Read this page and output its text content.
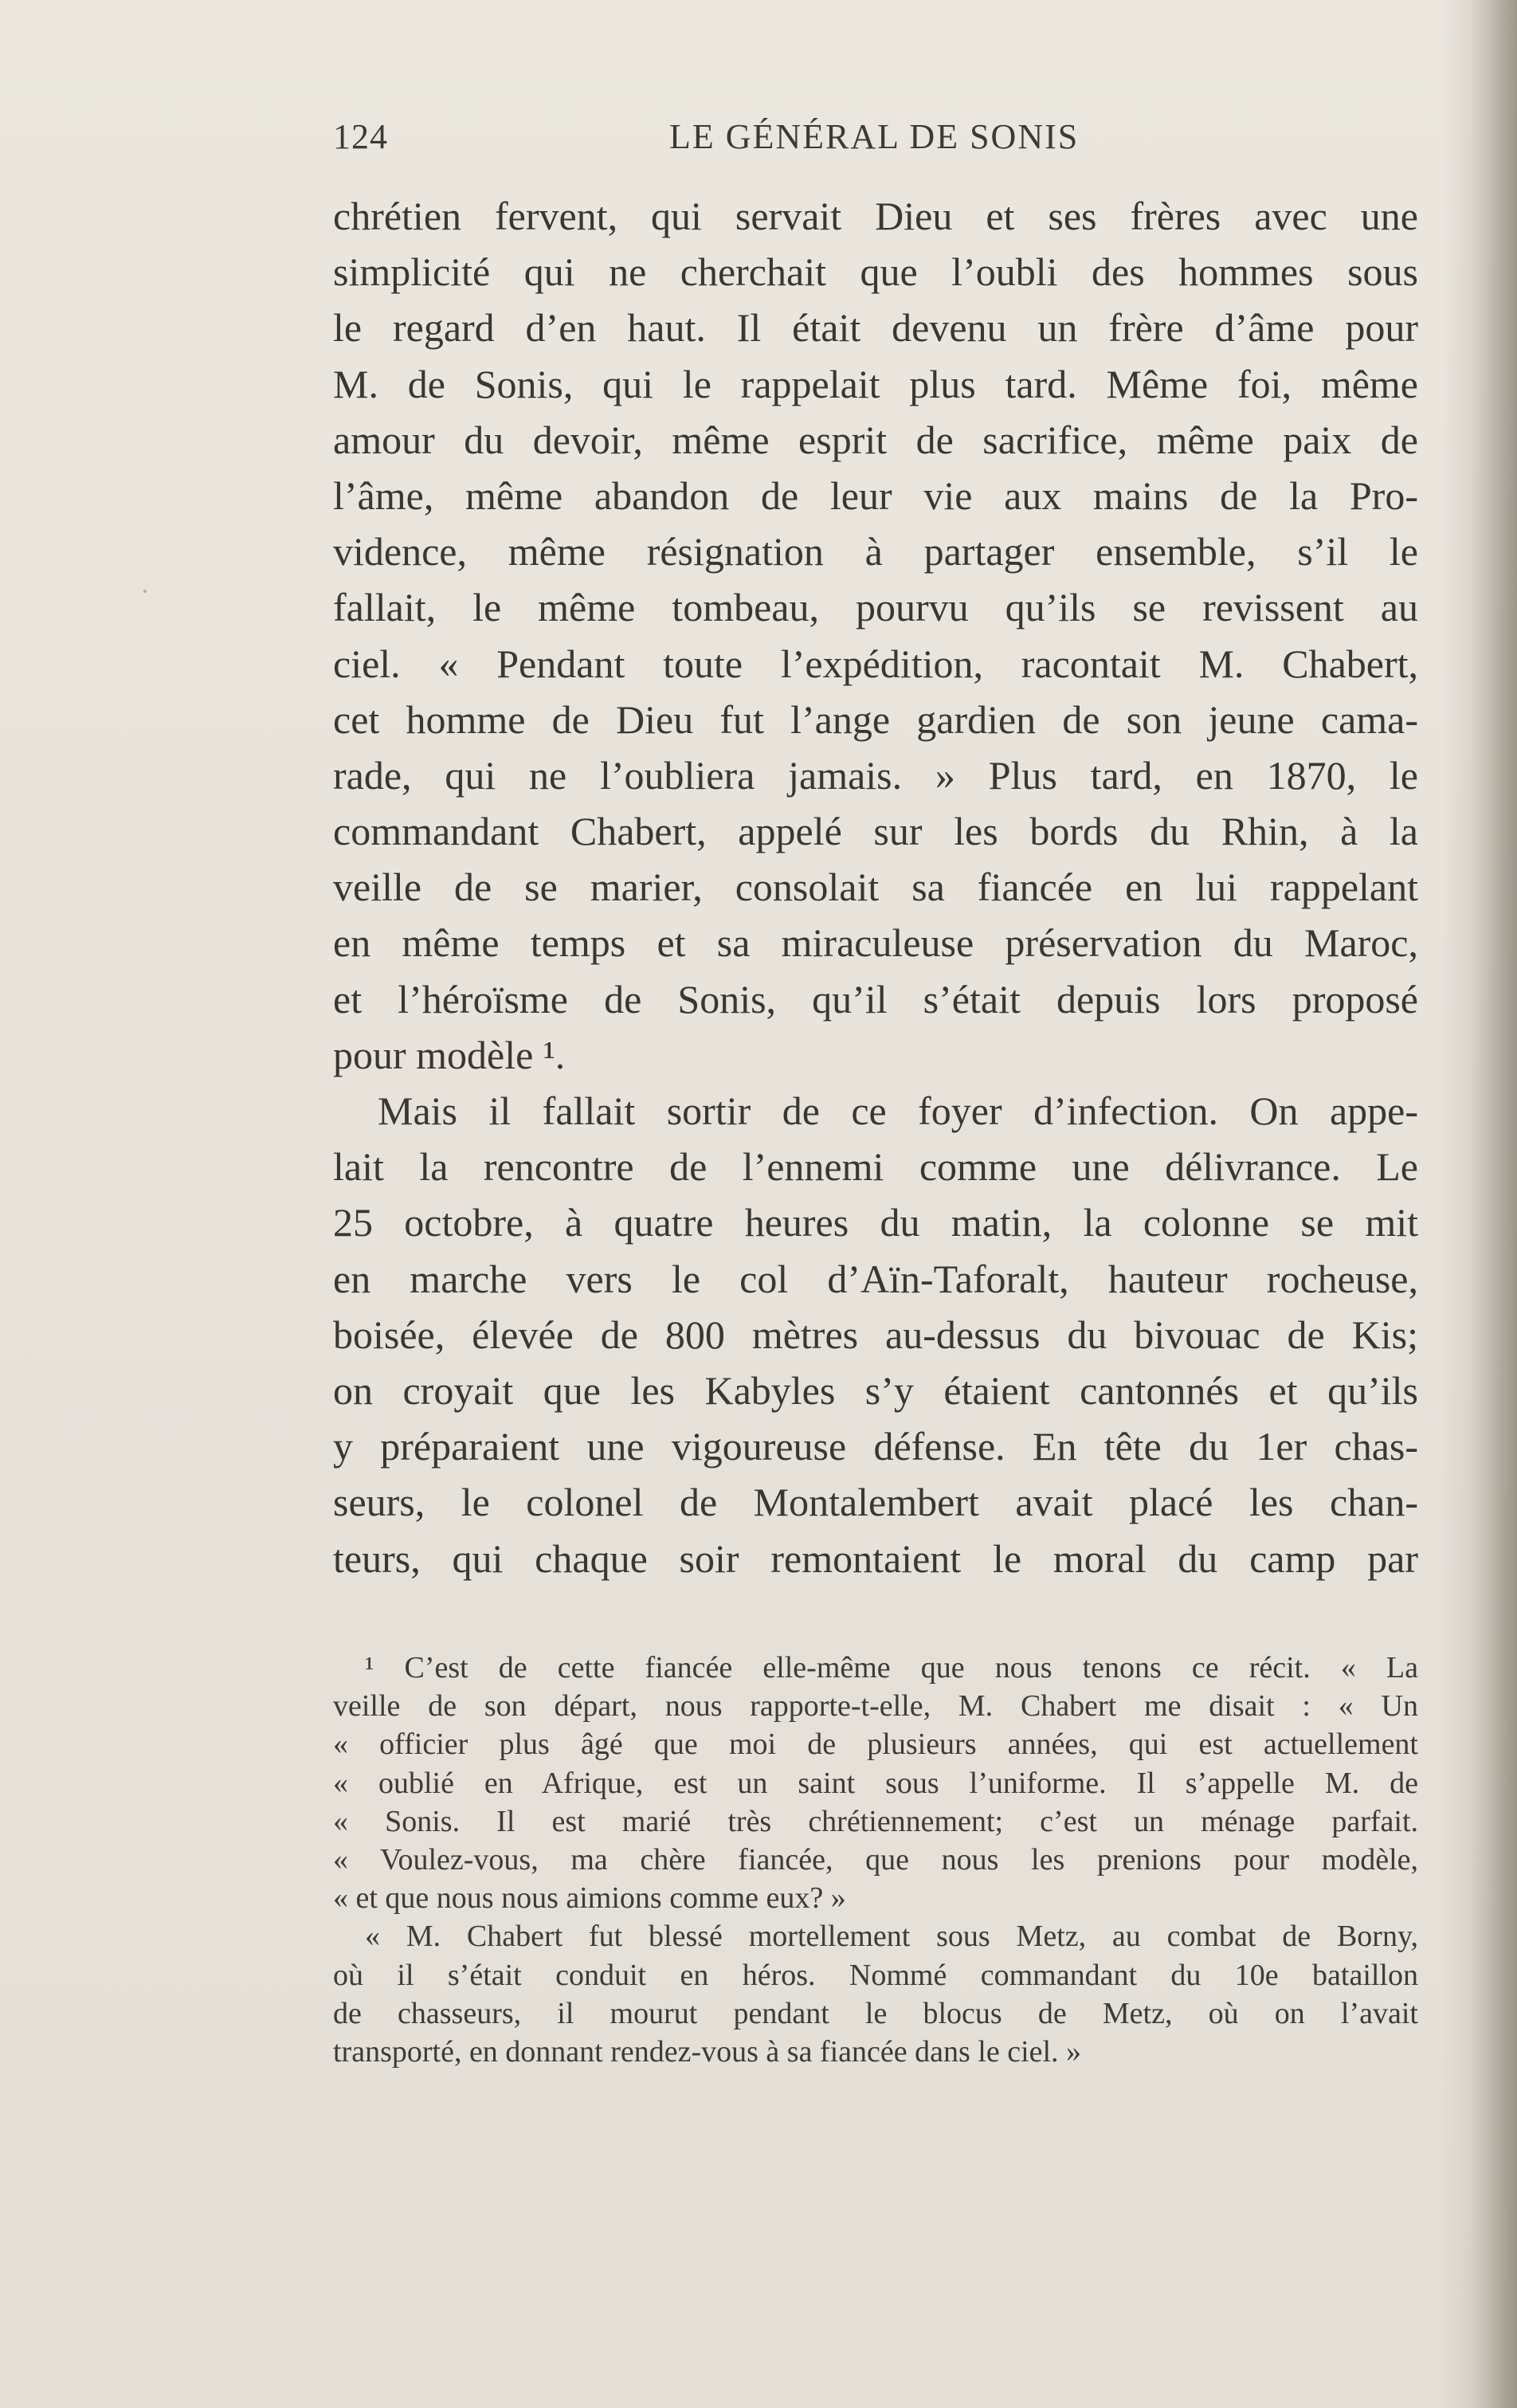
124	LE GÉNÉRAL DE SONIS
chrétien fervent, qui servait Dieu et ses frères avec une
simplicité qui ne cherchait que l’oubli des hommes sous
le regard d’en haut. Il était devenu un frère d’âme pour
M. de Sonis, qui le rappelait plus tard. Même foi, même
amour du devoir, même esprit de sacrifice, même paix de
l’âme, même abandon de leur vie aux mains de la Pro-
vidence, même résignation à partager ensemble, s’il le
fallait, le même tombeau, pourvu qu’ils se revissent au
ciel. « Pendant toute l’expédition, racontait M. Chabert,
cet homme de Dieu fut l’ange gardien de son jeune cama-
rade, qui ne l’oubliera jamais. » Plus tard, en 1870, le
commandant Chabert, appelé sur les bords du Rhin, à la
veille de se marier, consolait sa fiancée en lui rappelant
en même temps et sa miraculeuse préservation du Maroc,
et l’héroïsme de Sonis, qu’il s’était depuis lors proposé
pour modèle ¹.
Mais il fallait sortir de ce foyer d’infection. On appe-
lait la rencontre de l’ennemi comme une délivrance. Le
25 octobre, à quatre heures du matin, la colonne se mit
en marche vers le col d’Aïn-Taforalt, hauteur rocheuse,
boisée, élevée de 800 mètres au-dessus du bivouac de Kis;
on croyait que les Kabyles s’y étaient cantonnés et qu’ils
y préparaient une vigoureuse défense. En tête du 1er chas-
seurs, le colonel de Montalembert avait placé les chan-
teurs, qui chaque soir remontaient le moral du camp par
¹ C’est de cette fiancée elle-même que nous tenons ce récit. « La
veille de son départ, nous rapporte-t-elle, M. Chabert me disait : « Un
« officier plus âgé que moi de plusieurs années, qui est actuellement
« oublié en Afrique, est un saint sous l’uniforme. Il s’appelle M. de
« Sonis. Il est marié très chrétiennement; c’est un ménage parfait.
« Voulez-vous, ma chère fiancée, que nous les prenions pour modèle,
« et que nous nous aimions comme eux? »
« M. Chabert fut blessé mortellement sous Metz, au combat de Borny,
où il s’était conduit en héros. Nommé commandant du 10e bataillon
de chasseurs, il mourut pendant le blocus de Metz, où on l’avait
transporté, en donnant rendez-vous à sa fiancée dans le ciel. »
